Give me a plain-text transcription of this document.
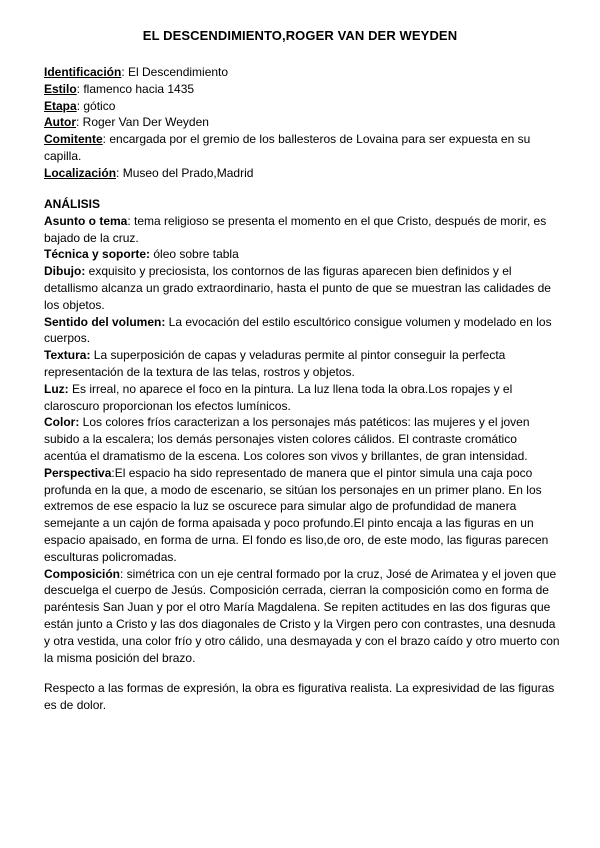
EL DESCENDIMIENTO,ROGER VAN DER WEYDEN

Identificación: El Descendimiento

Estilo: flamenco hacia 1435

Etapa: gótico

Autor: Roger Van Der Weyden

Comitente: encargada por el gremio de los ballesteros de Lovaina para ser expuesta en su capilla.

Localización: Museo del Prado,Madrid

ANÁLISIS

Asunto o tema: tema religioso se presenta el momento en el que Cristo, después de morir, es bajado de la cruz.

Técnica y soporte: óleo sobre tabla

Dibujo: exquisito y preciosista, los contornos de las figuras aparecen bien definidos y el detallismo alcanza un grado extraordinario, hasta el punto de que se muestran las calidades de los objetos.

Sentido del volumen: La evocación del estilo escultórico consigue volumen y modelado en los cuerpos.

Textura: La superposición de capas y veladuras permite al pintor conseguir la perfecta representación de la textura de las telas, rostros y objetos.

Luz: Es irreal, no aparece el foco en la pintura. La luz llena toda la obra.Los ropajes y el claroscuro proporcionan los efectos lumínicos.

Color: Los colores fríos caracterizan a los personajes más patéticos: las mujeres y el joven subido a la escalera; los demás personajes visten colores cálidos. El contraste cromático acentúa el dramatismo de la escena. Los colores son vivos y brillantes, de gran intensidad.

Perspectiva:El espacio ha sido representado de manera que el pintor simula una caja poco profunda en la que, a modo de escenario, se sitúan los personajes en un primer plano. En los extremos de ese espacio la luz se oscurece para simular algo de profundidad de manera semejante a un cajón de forma apaisada y poco profundo.El pinto encaja a las figuras en un espacio apaisado, en forma de urna. El fondo es liso,de oro, de este modo, las figuras parecen esculturas policromadas.

Composición: simétrica con un eje central formado por la cruz, José de Arimatea y el joven que descuelga el cuerpo de Jesús. Composición cerrada, cierran la composición como en forma de paréntesis San Juan y por el otro María Magdalena. Se repiten actitudes en las dos figuras que están junto a Cristo y las dos diagonales de Cristo y la Virgen pero con contrastes, una desnuda y otra vestida, una color frío y otro cálido, una desmayada y con el brazo caído y otro muerto con la misma posición del brazo.

Respecto a las formas de expresión, la obra es figurativa realista. La expresividad de las figuras es de dolor.
